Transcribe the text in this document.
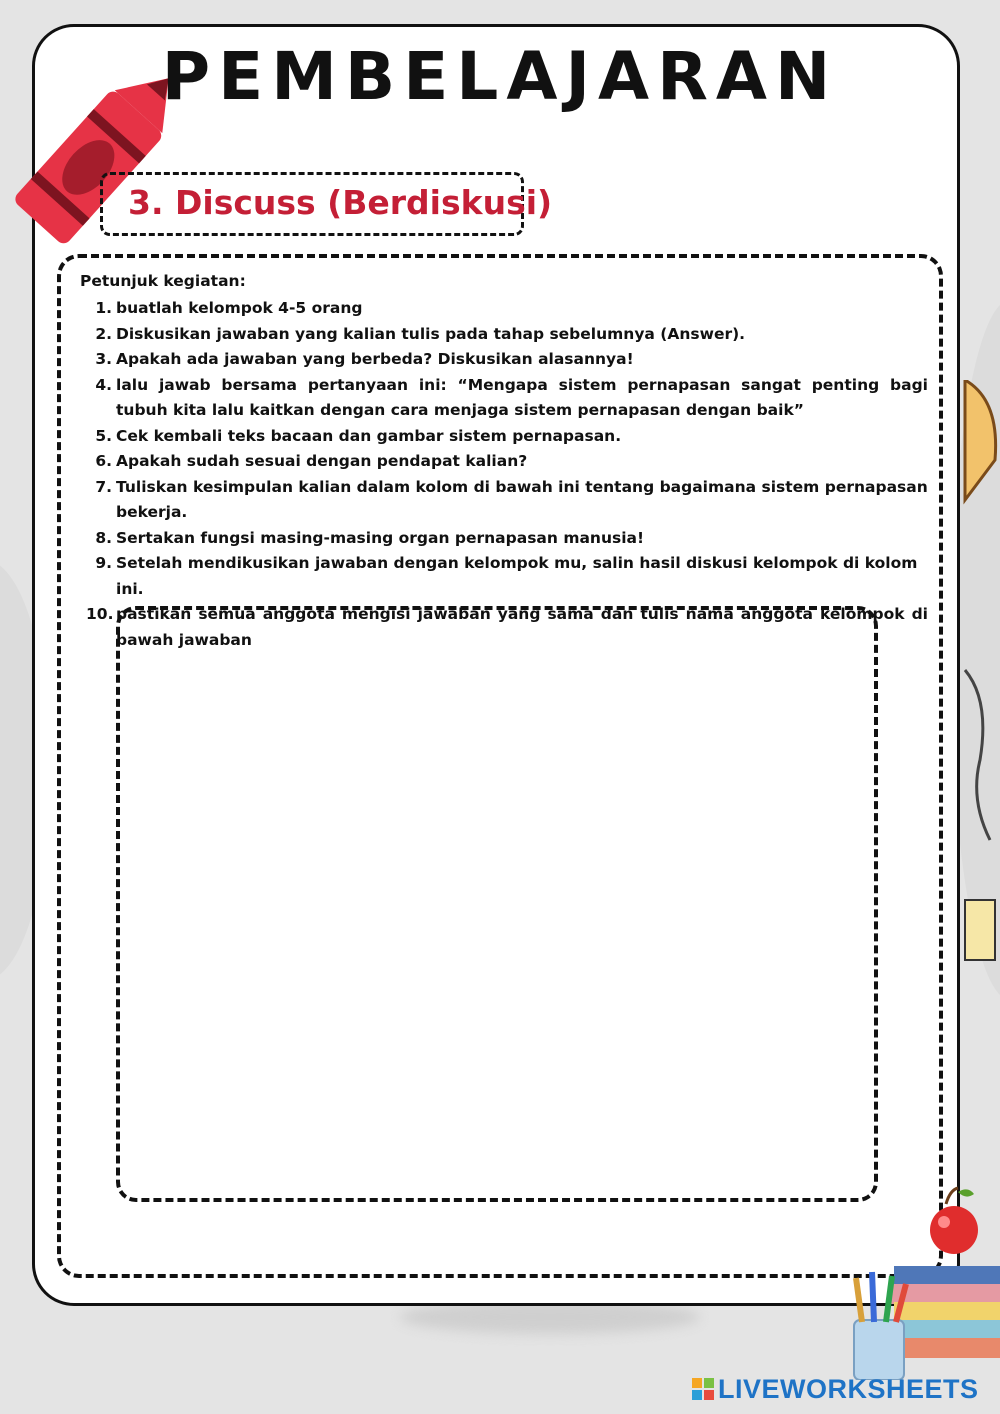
PEMBELAJARAN
3. Discuss (Berdiskusi)
Petunjuk kegiatan:
1. buatlah kelompok 4-5 orang
2. Diskusikan jawaban yang kalian tulis pada tahap sebelumnya (Answer).
3. Apakah ada jawaban yang berbeda? Diskusikan alasannya!
4. lalu jawab bersama pertanyaan ini: “Mengapa sistem pernapasan sangat penting bagi tubuh kita lalu kaitkan dengan cara menjaga sistem pernapasan dengan baik”
5. Cek kembali teks bacaan dan gambar sistem pernapasan.
6. Apakah sudah sesuai dengan pendapat kalian?
7. Tuliskan kesimpulan kalian dalam kolom di bawah ini tentang bagaimana sistem pernapasan bekerja.
8. Sertakan fungsi masing-masing organ pernapasan manusia!
9. Setelah mendikusikan jawaban dengan kelompok mu, salin hasil diskusi kelompok di kolom ini.
10. pastikan semua anggota mengisi jawaban yang sama dan tulis nama anggota kelompok di bawah jawaban
LIVEWORKSHEETS
